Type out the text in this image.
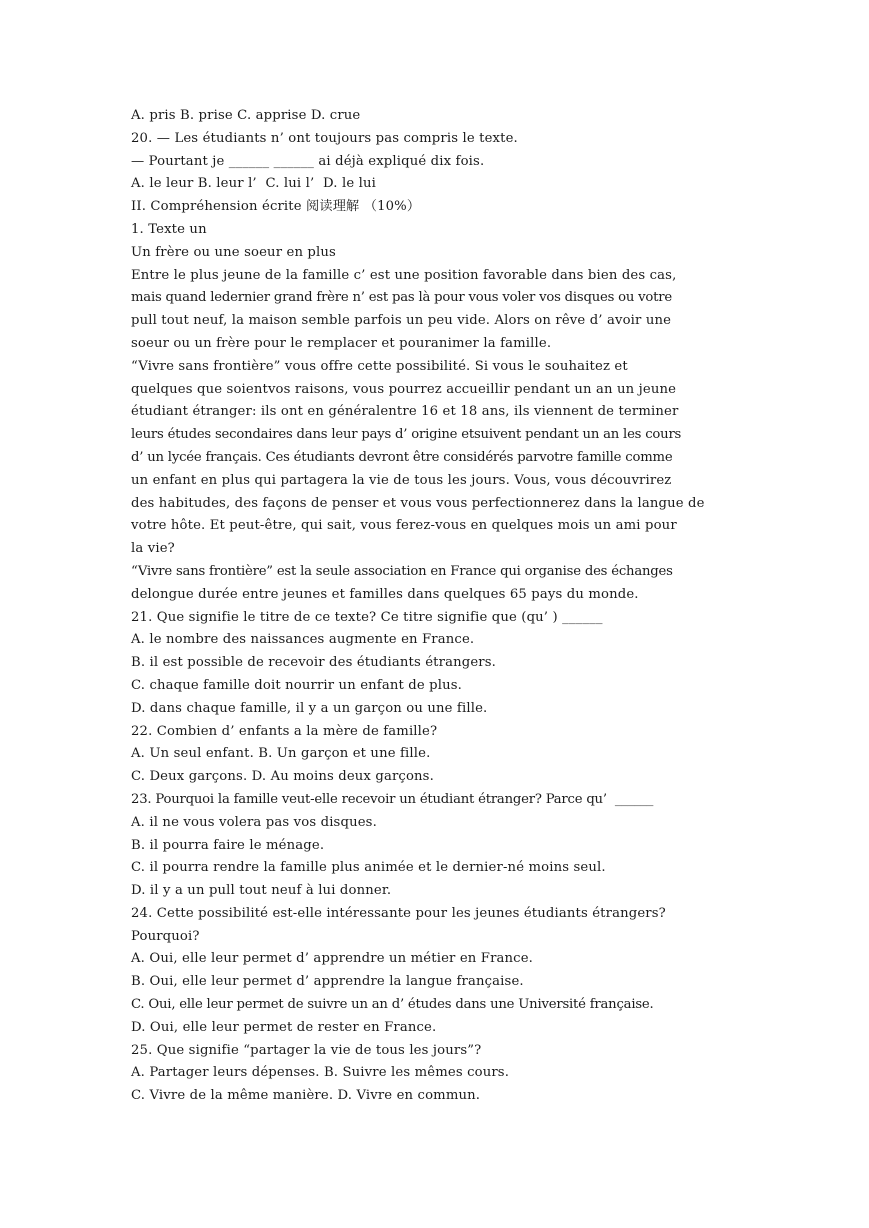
A. pris B. prise C. apprise D. crue
20. — Les étudiants n’ ont toujours pas compris le texte.
— Pourtant je ______ ______ ai déjà expliqué dix fois.
A. le leur B. leur l’  C. lui l’  D. le lui
II. Compréhension écrite 阅读理解 （10%）
1. Texte un
Un frère ou une soeur en plus
Entre le plus jeune de la famille c’ est une position favorable dans bien des cas,
mais quand ledernier grand frère n’ est pas là pour vous voler vos disques ou votre
pull tout neuf, la maison semble parfois un peu vide. Alors on rêve d’ avoir une
soeur ou un frère pour le remplacer et pouranimer la famille.
“Vivre sans frontière” vous offre cette possibilité. Si vous le souhaitez et
quelques que soientvos raisons, vous pourrez accueillir pendant un an un jeune
étudiant étranger: ils ont en généralentre 16 et 18 ans, ils viennent de terminer
leurs études secondaires dans leur pays d’ origine etsuivent pendant un an les cours
d’ un lycée français. Ces étudiants devront être considérés parvotre famille comme
un enfant en plus qui partagera la vie de tous les jours. Vous, vous découvrirez
des habitudes, des façons de penser et vous vous perfectionnerez dans la langue de
votre hôte. Et peut-être, qui sait, vous ferez-vous en quelques mois un ami pour
la vie?
“Vivre sans frontière” est la seule association en France qui organise des échanges
delongue durée entre jeunes et familles dans quelques 65 pays du monde.
21. Que signifie le titre de ce texte? Ce titre signifie que (qu’ ) ______
A. le nombre des naissances augmente en France.
B. il est possible de recevoir des étudiants étrangers.
C. chaque famille doit nourrir un enfant de plus.
D. dans chaque famille, il y a un garçon ou une fille.
22. Combien d’ enfants a la mère de famille?
A. Un seul enfant. B. Un garçon et une fille.
C. Deux garçons. D. Au moins deux garçons.
23. Pourquoi la famille veut-elle recevoir un étudiant étranger? Parce qu’  ______
A. il ne vous volera pas vos disques.
B. il pourra faire le ménage.
C. il pourra rendre la famille plus animée et le dernier-né moins seul.
D. il y a un pull tout neuf à lui donner.
24. Cette possibilité est-elle intéressante pour les jeunes étudiants étrangers?
Pourquoi?
A. Oui, elle leur permet d’ apprendre un métier en France.
B. Oui, elle leur permet d’ apprendre la langue française.
C. Oui, elle leur permet de suivre un an d’ études dans une Université française.
D. Oui, elle leur permet de rester en France.
25. Que signifie “partager la vie de tous les jours”?
A. Partager leurs dépenses. B. Suivre les mêmes cours.
C. Vivre de la même manière. D. Vivre en commun.
